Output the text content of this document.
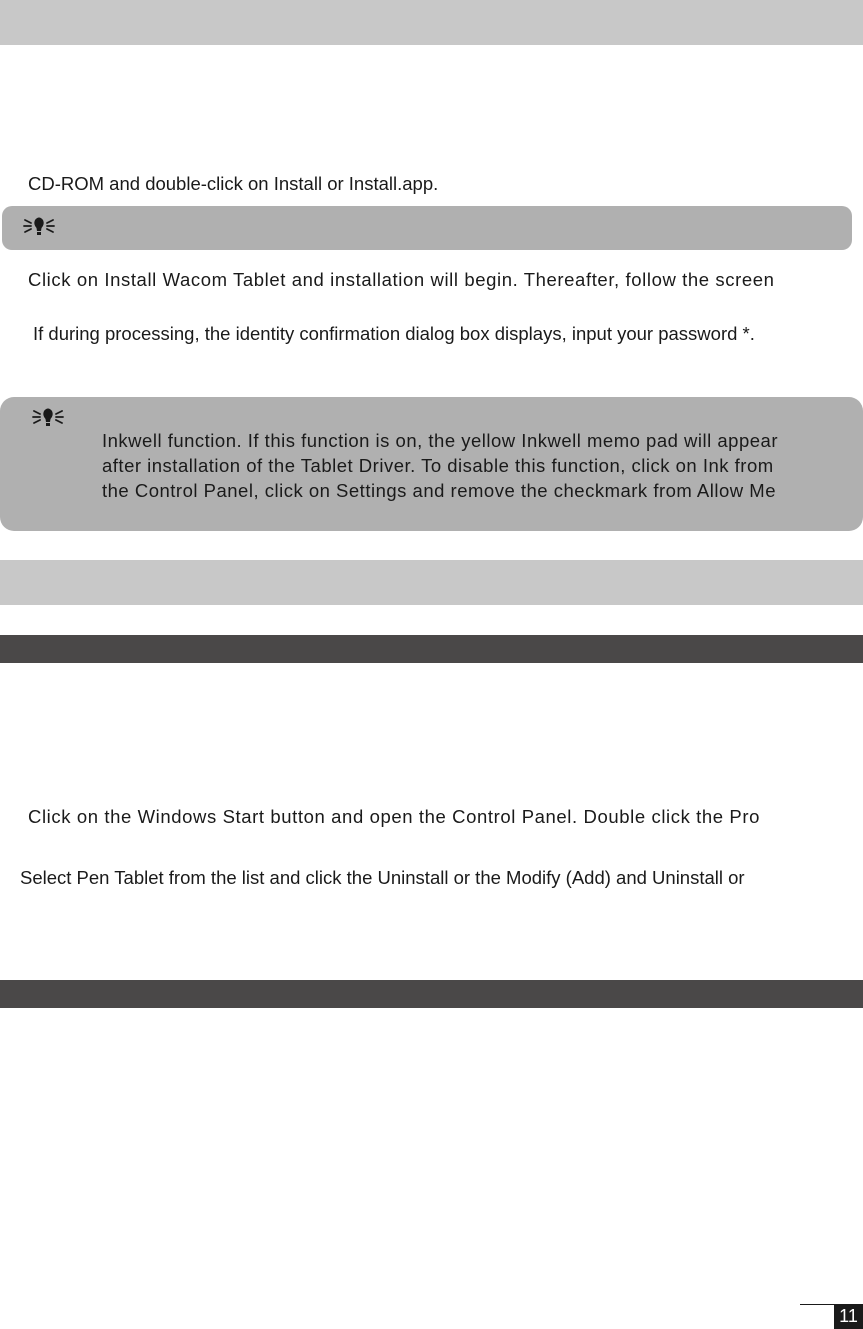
CD-ROM and double-click on Install or Install.app.
Click on Install Wacom Tablet and installation will begin. Thereafter, follow the screen
If during processing, the identity confirmation dialog box displays, input your password *.
Inkwell function. If this function is on, the yellow Inkwell memo pad will appear
after installation of the Tablet Driver. To disable this function, click on Ink from
the Control Panel, click on Settings and remove the checkmark from Allow Me
Click on the Windows Start button and open the Control Panel. Double click the Pro
Select Pen Tablet from the list and click the Uninstall or the Modify (Add) and Uninstall or
11
